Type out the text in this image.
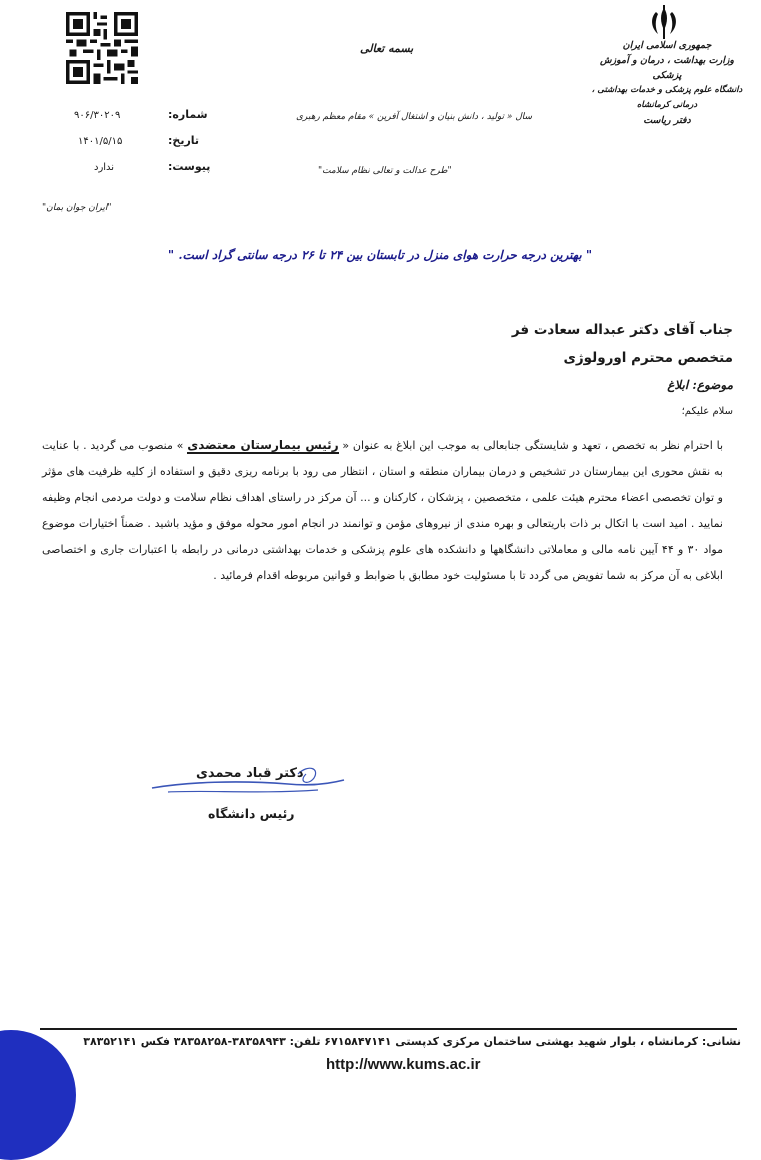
جمهوری اسلامی ایران
وزارت بهداشت ، درمان و آموزش پزشکی
دانشگاه علوم پزشکی و خدمات بهداشتی ، درمانی کرمانشاه
دفتر ریاست
بسمه تعالی
سال « تولید ، دانش بنیان و اشتغال آفرین » مقام معظم رهبری
"طرح عدالت و تعالی نظام سلامت"
"ایران جوان بمان"
شماره:
۹۰۶/۳۰۲۰۹
تاریخ:
۱۴۰۱/۵/۱۵
پیوست:
ندارد
" بهترین درجه حرارت هوای منزل در تابستان بین ۲۴ تا ۲۶ درجه سانتی گراد است. "
جناب آقای دکتر عبداله سعادت فر
متخصص محترم اورولوژی
موضوع: ابلاغ
سلام علیکم؛
با احترام نظر به تخصص ، تعهد و شایستگی جنابعالی به موجب این ابلاغ به عنوان « رئیس بیمارستان معتضدی » منصوب می گردید . با عنایت به نقش محوری این بیمارستان در تشخیص و درمان بیماران منطقه و استان ، انتظار می رود با برنامه ریزی دقیق و استفاده از کلیه ظرفیت های مؤثر و توان تخصصی اعضاء محترم هیئت علمی ، متخصصین ، پزشکان ، کارکنان و ... آن مرکز در راستای اهداف نظام سلامت و دولت مردمی انجام وظیفه نمایید . امید است با اتکال بر ذات باریتعالی و بهره مندی از نیروهای مؤمن و توانمند در انجام امور محوله موفق و مؤید باشید . ضمناً اختیارات موضوع مواد ۳۰ و ۴۴ آیین نامه مالی و معاملاتی دانشگاهها و دانشکده های علوم پزشکی و خدمات بهداشتی درمانی در رابطه با اعتبارات جاری و اختصاصی ابلاغی به آن مرکز به شما تفویض می گردد تا با مسئولیت خود مطابق با ضوابط و قوانین مربوطه اقدام فرمائید .
دکتر قباد محمدی
رئیس دانشگاه
نشانی: کرمانشاه ، بلوار شهید بهشتی ساختمان مرکزی کدپستی ۶۷۱۵۸۴۷۱۴۱ تلفن: ۳۸۳۵۸۹۴۳-۳۸۳۵۸۲۵۸ فکس ۳۸۳۵۲۱۴۱
http://www.kums.ac.ir
